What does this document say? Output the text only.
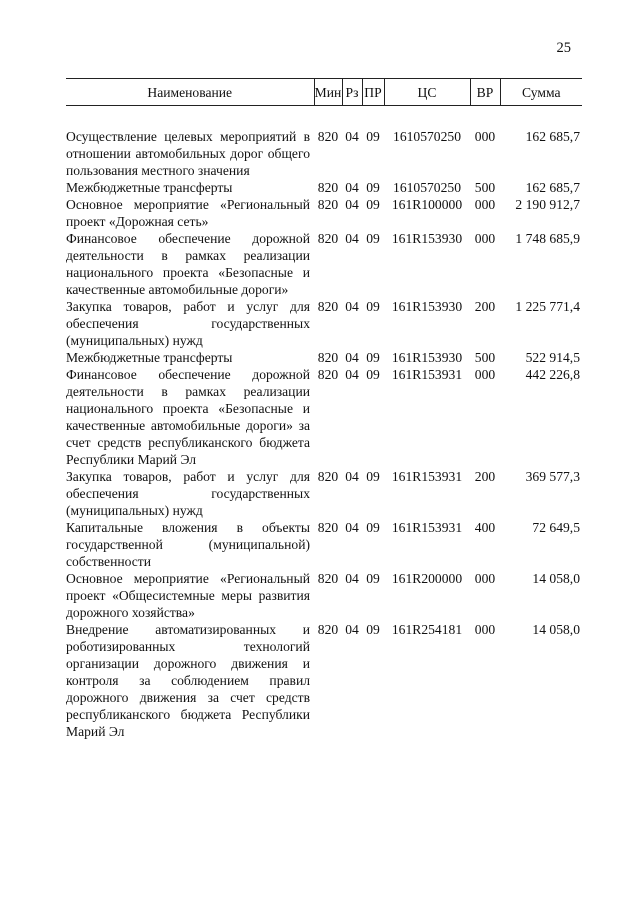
25
Наименование	Мин	Рз	ПР	ЦС	ВР	Сумма

Осуществление целевых мероприятий в отношении автомобильных дорог общего пользования местного значения	820	04	09	1610570250	000	162 685,7
Межбюджетные трансферты	820	04	09	1610570250	500	162 685,7
Основное мероприятие «Региональный проект «Дорожная сеть»	820	04	09	161R100000	000	2 190 912,7
Финансовое обеспечение дорожной деятельности в рамках реализации национального проекта «Безопасные и качественные автомобильные дороги»	820	04	09	161R153930	000	1 748 685,9
Закупка товаров, работ и услуг для обеспечения государственных (муниципальных) нужд	820	04	09	161R153930	200	1 225 771,4
Межбюджетные трансферты	820	04	09	161R153930	500	522 914,5
Финансовое обеспечение дорожной деятельности в рамках реализации национального проекта «Безопасные и качественные автомобильные дороги» за счет средств республиканского бюджета Республики Марий Эл	820	04	09	161R153931	000	442 226,8
Закупка товаров, работ и услуг для обеспечения государственных (муниципальных) нужд	820	04	09	161R153931	200	369 577,3
Капитальные вложения в объекты государственной (муниципальной) собственности	820	04	09	161R153931	400	72 649,5
Основное мероприятие «Региональный проект «Общесистемные меры развития дорожного хозяйства»	820	04	09	161R200000	000	14 058,0
Внедрение автоматизированных и роботизированных технологий организации дорожного движения и контроля за соблюдением правил дорожного движения за счет средств республиканского бюджета Республики Марий Эл	820	04	09	161R254181	000	14 058,0
